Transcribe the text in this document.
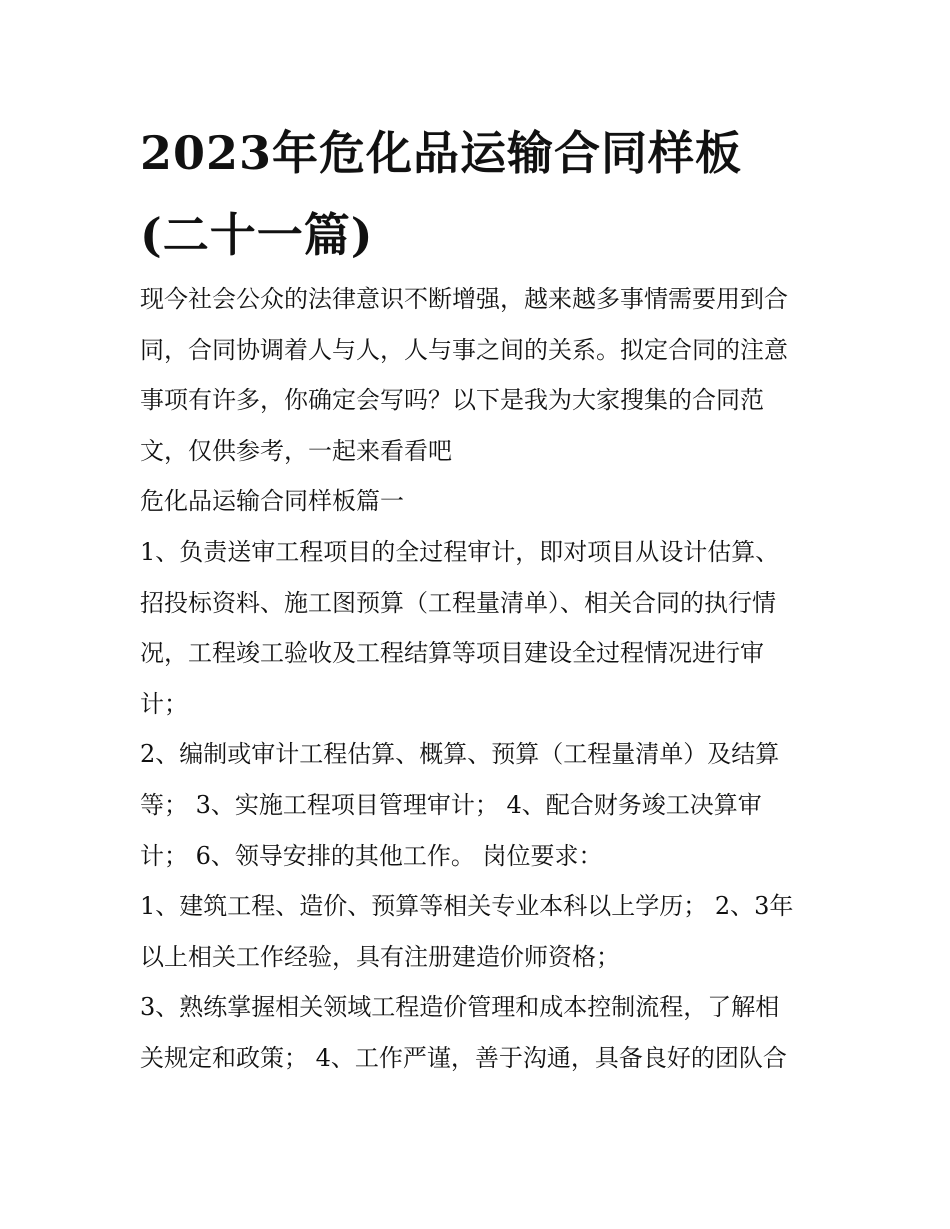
2023年危化品运输合同样板
(二十一篇)
现今社会公众的法律意识不断增强，越来越多事情需要用到合
同，合同协调着人与人，人与事之间的关系。拟定合同的注意
事项有许多，你确定会写吗？以下是我为大家搜集的合同范
文，仅供参考，一起来看看吧
危化品运输合同样板篇一
1、负责送审工程项目的全过程审计，即对项目从设计估算、
招投标资料、施工图预算（工程量清单）、相关合同的执行情
况，工程竣工验收及工程结算等项目建设全过程情况进行审
计；
2、编制或审计工程估算、概算、预算（工程量清单）及结算
等； 3、实施工程项目管理审计； 4、配合财务竣工决算审
计； 6、领导安排的其他工作。 岗位要求：
1、建筑工程、造价、预算等相关专业本科以上学历； 2、3年
以上相关工作经验，具有注册建造价师资格；
3、熟练掌握相关领域工程造价管理和成本控制流程，了解相
关规定和政策； 4、工作严谨，善于沟通，具备良好的团队合
